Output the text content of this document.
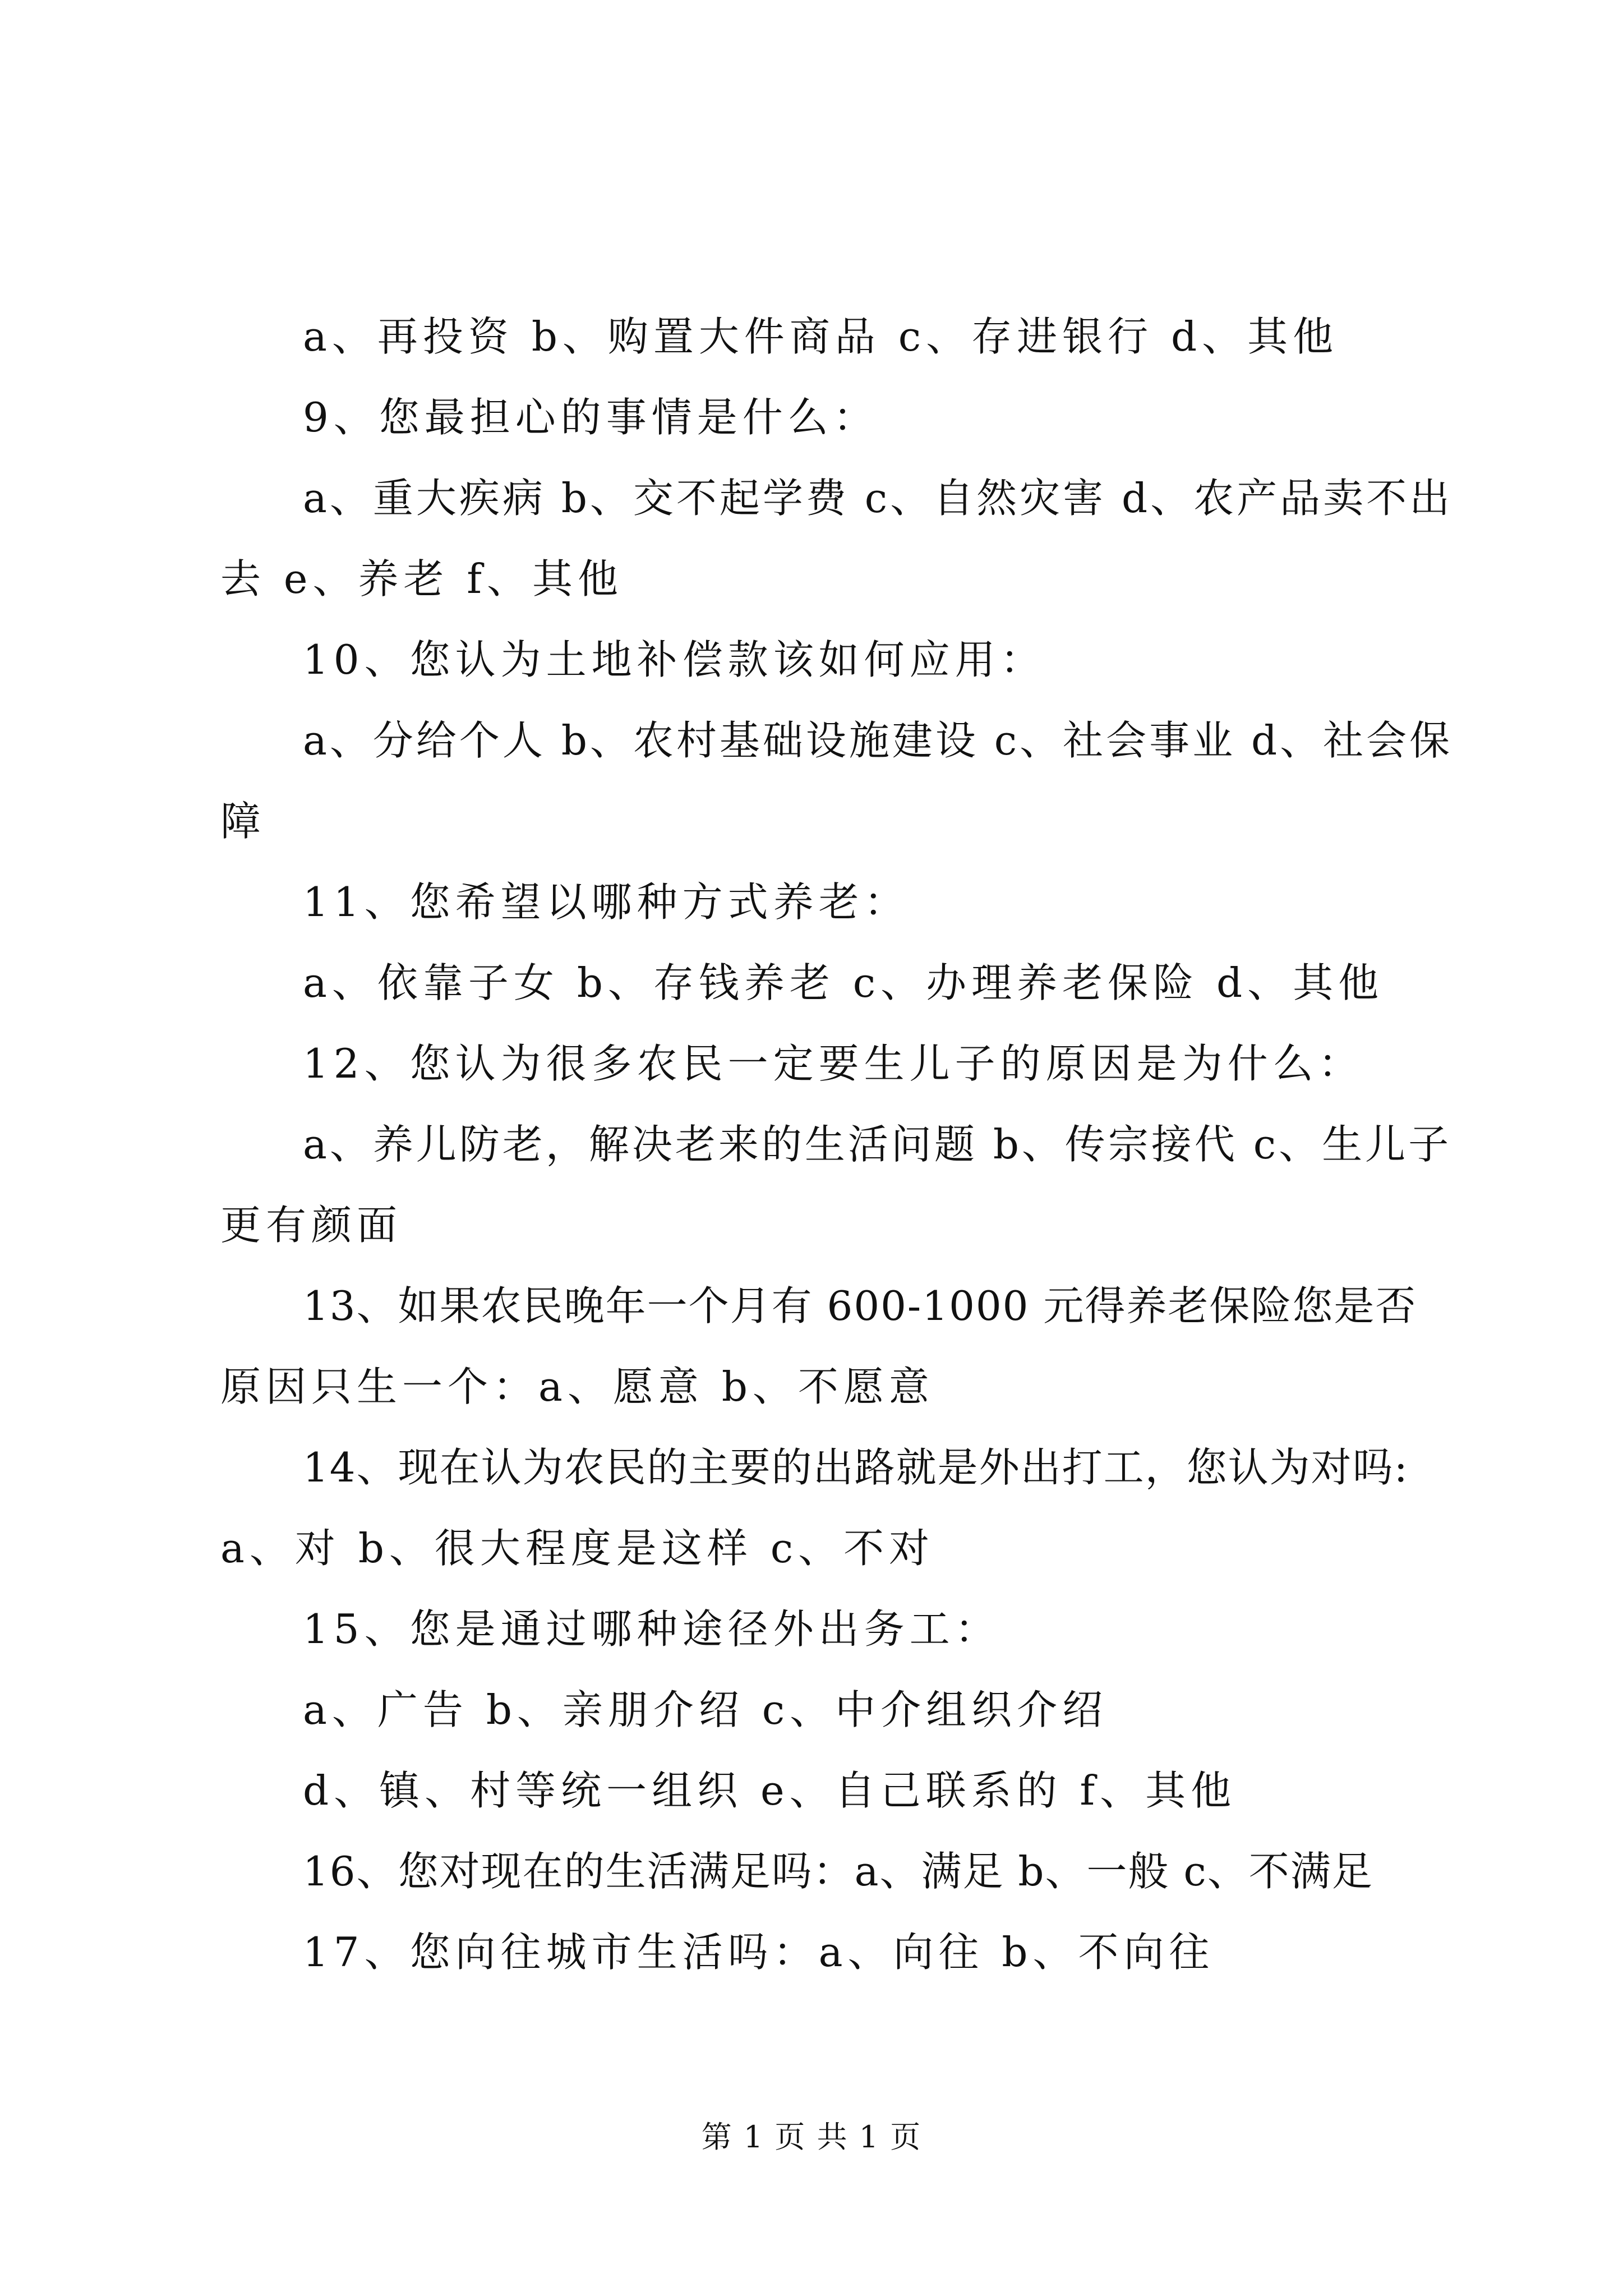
a、再投资 b、购置大件商品 c、存进银行 d、其他
9、您最担心的事情是什么：
a、重大疾病 b、交不起学费 c、自然灾害 d、农产品卖不出
去 e、养老 f、其他
10、您认为土地补偿款该如何应用：
a、分给个人 b、农村基础设施建设 c、社会事业 d、社会保
障
11、您希望以哪种方式养老：
a、依靠子女 b、存钱养老 c、办理养老保险 d、其他
12、您认为很多农民一定要生儿子的原因是为什么：
a、养儿防老，解决老来的生活问题 b、传宗接代 c、生儿子
更有颜面
13、如果农民晚年一个月有 600-1000 元得养老保险您是否
原因只生一个：a、愿意 b、不愿意
14、现在认为农民的主要的出路就是外出打工，您认为对吗:
a、对 b、很大程度是这样 c、不对
15、您是通过哪种途径外出务工：
a、广告 b、亲朋介绍 c、中介组织介绍
d、镇、村等统一组织 e、自己联系的 f、其他
16、您对现在的生活满足吗：a、满足 b、一般 c、不满足
17、您向往城市生活吗：a、向往 b、不向往
第 1 页 共 1 页
